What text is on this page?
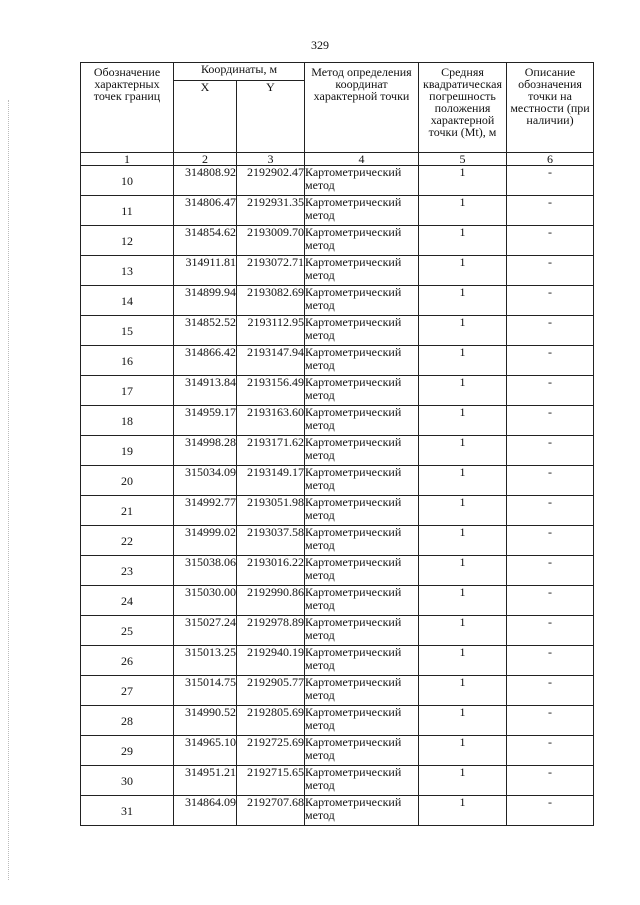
329
Обозначение характерных точек границ	Координаты, м		Метод определения координат характерной точки	Средняя квадратическая погрешность положения характерной точки (Mt), м	Описание обозначения точки на местности (при наличии)

	X	Y			
1	2	3	4	5	6
10	314808.92	2192902.47	Картометрический метод	1	-
11	314806.47	2192931.35	Картометрический метод	1	-
12	314854.62	2193009.70	Картометрический метод	1	-
13	314911.81	2193072.71	Картометрический метод	1	-
14	314899.94	2193082.69	Картометрический метод	1	-
15	314852.52	2193112.95	Картометрический метод	1	-
16	314866.42	2193147.94	Картометрический метод	1	-
17	314913.84	2193156.49	Картометрический метод	1	-
18	314959.17	2193163.60	Картометрический метод	1	-
19	314998.28	2193171.62	Картометрический метод	1	-
20	315034.09	2193149.17	Картометрический метод	1	-
21	314992.77	2193051.98	Картометрический метод	1	-
22	314999.02	2193037.58	Картометрический метод	1	-
23	315038.06	2193016.22	Картометрический метод	1	-
24	315030.00	2192990.86	Картометрический метод	1	-
25	315027.24	2192978.89	Картометрический метод	1	-
26	315013.25	2192940.19	Картометрический метод	1	-
27	315014.75	2192905.77	Картометрический метод	1	-
28	314990.52	2192805.69	Картометрический метод	1	-
29	314965.10	2192725.69	Картометрический метод	1	-
30	314951.21	2192715.65	Картометрический метод	1	-
31	314864.09	2192707.68	Картометрический метод	1	-
